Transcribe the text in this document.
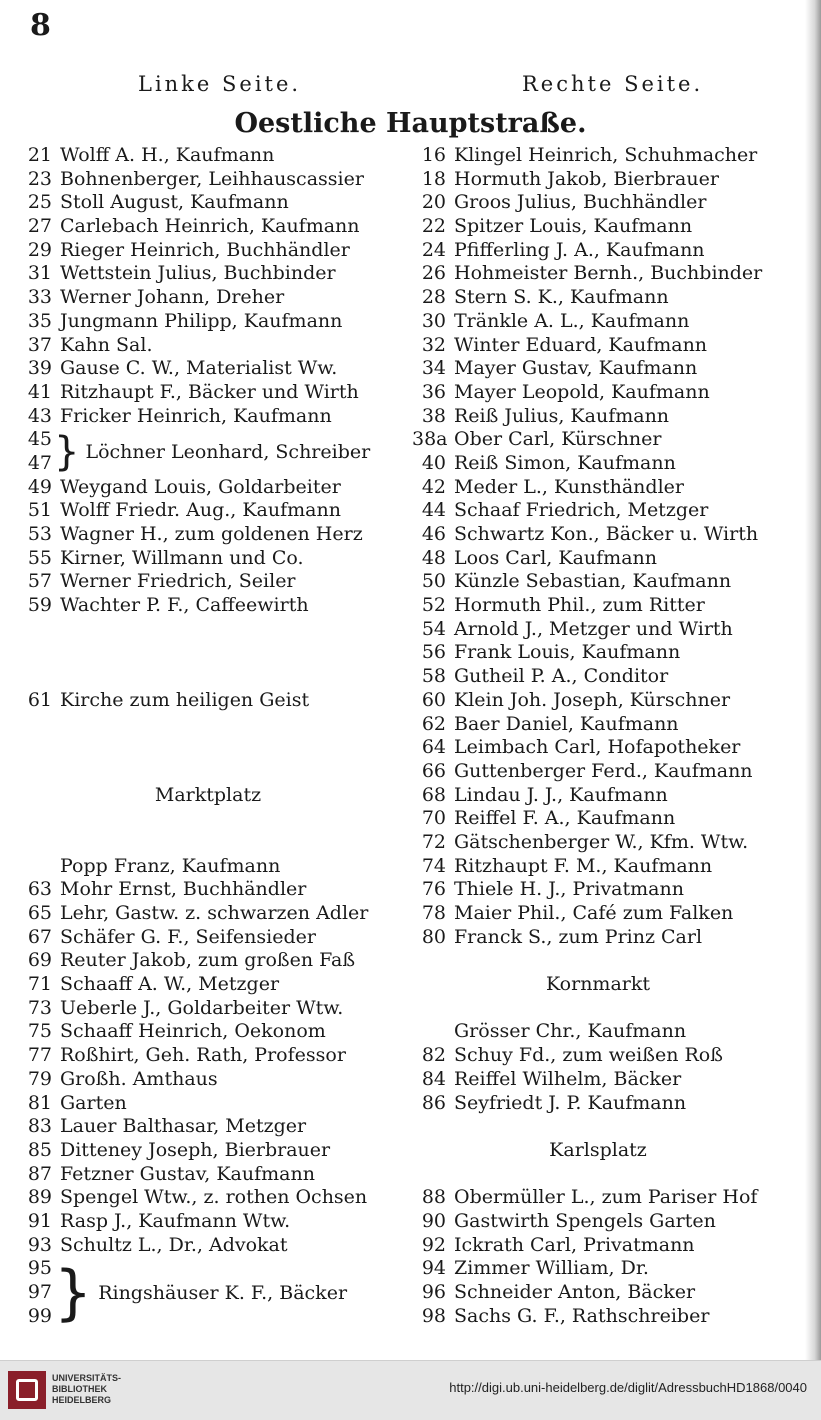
8
Linke Seite.	Rechte Seite.
Oestliche Hauptstraße.
21 Wolff A. H., Kaufmann
23 Bohnenberger, Leihhauscassier
25 Stoll August, Kaufmann
27 Carlebach Heinrich, Kaufmann
29 Rieger Heinrich, Buchhändler
31 Wettstein Julius, Buchbinder
33 Werner Johann, Dreher
35 Jungmann Philipp, Kaufmann
37 Kahn Sal.
39 Gause C. W., Materialist Ww.
41 Ritzhaupt F., Bäcker und Wirth
43 Fricker Heinrich, Kaufmann
45
47 } Löchner Leonhard, Schreiber
49 Weygand Louis, Goldarbeiter
51 Wolff Friedr. Aug., Kaufmann
53 Wagner H., zum goldenen Herz
55 Kirner, Willmann und Co.
57 Werner Friedrich, Seiler
59 Wachter P. F., Caffeewirth
61 Kirche zum heiligen Geist
Marktplatz
Popp Franz, Kaufmann
63 Mohr Ernst, Buchhändler
65 Lehr, Gastw. z. schwarzen Adler
67 Schäfer G. F., Seifensieder
69 Reuter Jakob, zum großen Faß
71 Schaaff A. W., Metzger
73 Ueberle J., Goldarbeiter Wtw.
75 Schaaff Heinrich, Oekonom
77 Roßhirt, Geh. Rath, Professor
79 Großh. Amthaus
81 Garten
83 Lauer Balthasar, Metzger
85 Ditteney Joseph, Bierbrauer
87 Fetzner Gustav, Kaufmann
89 Spengel Wtw., z. rothen Ochsen
91 Rasp J., Kaufmann Wtw.
93 Schultz L., Dr., Advokat
95
97
99 } Ringshäuser K. F., Bäcker
16 Klingel Heinrich, Schuhmacher
18 Hormuth Jakob, Bierbrauer
20 Groos Julius, Buchhändler
22 Spitzer Louis, Kaufmann
24 Pfifferling J. A., Kaufmann
26 Hohmeister Bernh., Buchbinder
28 Stern S. K., Kaufmann
30 Tränkle A. L., Kaufmann
32 Winter Eduard, Kaufmann
34 Mayer Gustav, Kaufmann
36 Mayer Leopold, Kaufmann
38 Reiß Julius, Kaufmann
38a Ober Carl, Kürschner
40 Reiß Simon, Kaufmann
42 Meder L., Kunsthändler
44 Schaaf Friedrich, Metzger
46 Schwartz Kon., Bäcker u. Wirth
48 Loos Carl, Kaufmann
50 Künzle Sebastian, Kaufmann
52 Hormuth Phil., zum Ritter
54 Arnold J., Metzger und Wirth
56 Frank Louis, Kaufmann
58 Gutheil P. A., Conditor
60 Klein Joh. Joseph, Kürschner
62 Baer Daniel, Kaufmann
64 Leimbach Carl, Hofapotheker
66 Guttenberger Ferd., Kaufmann
68 Lindau J. J., Kaufmann
70 Reiffel F. A., Kaufmann
72 Gätschenberger W., Kfm. Wtw.
74 Ritzhaupt F. M., Kaufmann
76 Thiele H. J., Privatmann
78 Maier Phil., Café zum Falken
80 Franck S., zum Prinz Carl
Kornmarkt
Grösser Chr., Kaufmann
82 Schuy Fd., zum weißen Roß
84 Reiffel Wilhelm, Bäcker
86 Seyfriedt J. P. Kaufmann
Karlsplatz
88 Obermüller L., zum Pariser Hof
90 Gastwirth Spengels Garten
92 Ickrath Carl, Privatmann
94 Zimmer William, Dr.
96 Schneider Anton, Bäcker
98 Sachs G. F., Rathschreiber
UNIVERSITÄTS-
BIBLIOTHEK
HEIDELBERG
http://digi.ub.uni-heidelberg.de/diglit/AdressbuchHD1868/0040
